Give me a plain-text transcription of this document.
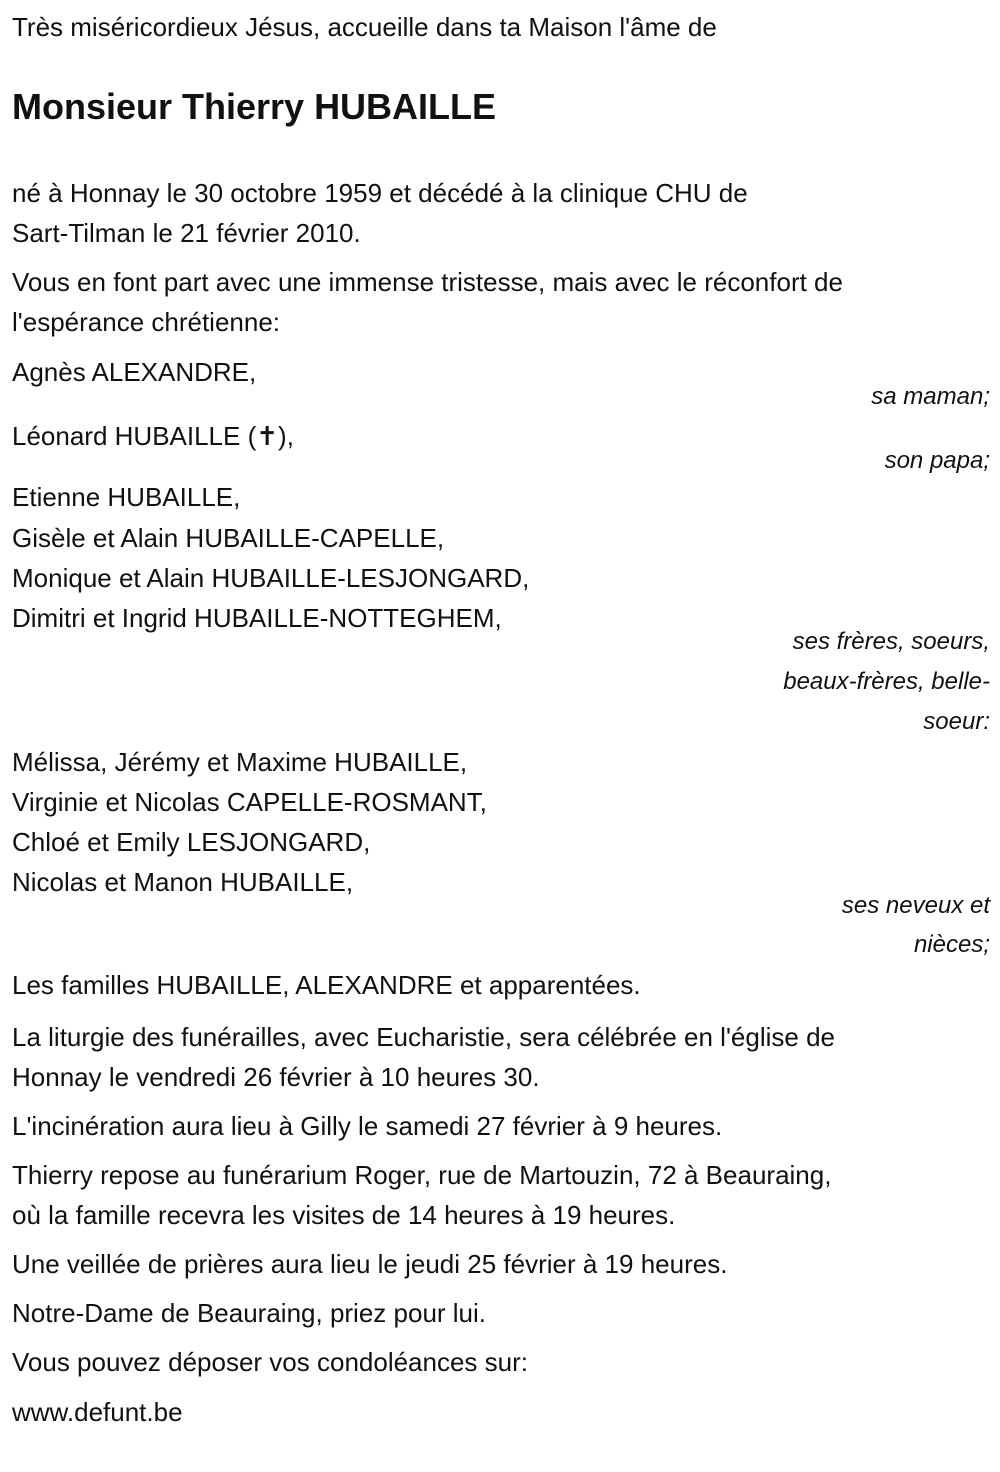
Très miséricordieux Jésus, accueille dans ta Maison l'âme de
Monsieur Thierry HUBAILLE
né à Honnay le 30 octobre 1959 et décédé à la clinique CHU de
Sart-Tilman le 21 février 2010.
Vous en font part avec une immense tristesse, mais avec le réconfort de
l'espérance chrétienne:
Agnès ALEXANDRE,
sa maman;
Léonard HUBAILLE (✝),
son papa;
Etienne HUBAILLE,
Gisèle et Alain HUBAILLE-CAPELLE,
Monique et Alain HUBAILLE-LESJONGARD,
Dimitri et Ingrid HUBAILLE-NOTTEGHEM,
ses frères, soeurs,
beaux-frères, belle-
soeur:
Mélissa, Jérémy et Maxime HUBAILLE,
Virginie et Nicolas CAPELLE-ROSMANT,
Chloé et Emily LESJONGARD,
Nicolas et Manon HUBAILLE,
ses neveux et
nièces;
Les familles HUBAILLE, ALEXANDRE et apparentées.
La liturgie des funérailles, avec Eucharistie, sera célébrée en l'église de
Honnay le vendredi 26 février à 10 heures 30.
L'incinération aura lieu à Gilly le samedi 27 février à 9 heures.
Thierry repose au funérarium Roger, rue de Martouzin, 72 à Beauraing,
où la famille recevra les visites de 14 heures à 19 heures.
Une veillée de prières aura lieu le jeudi 25 février à 19 heures.
Notre-Dame de Beauraing, priez pour lui.
Vous pouvez déposer vos condoléances sur:
www.defunt.be
